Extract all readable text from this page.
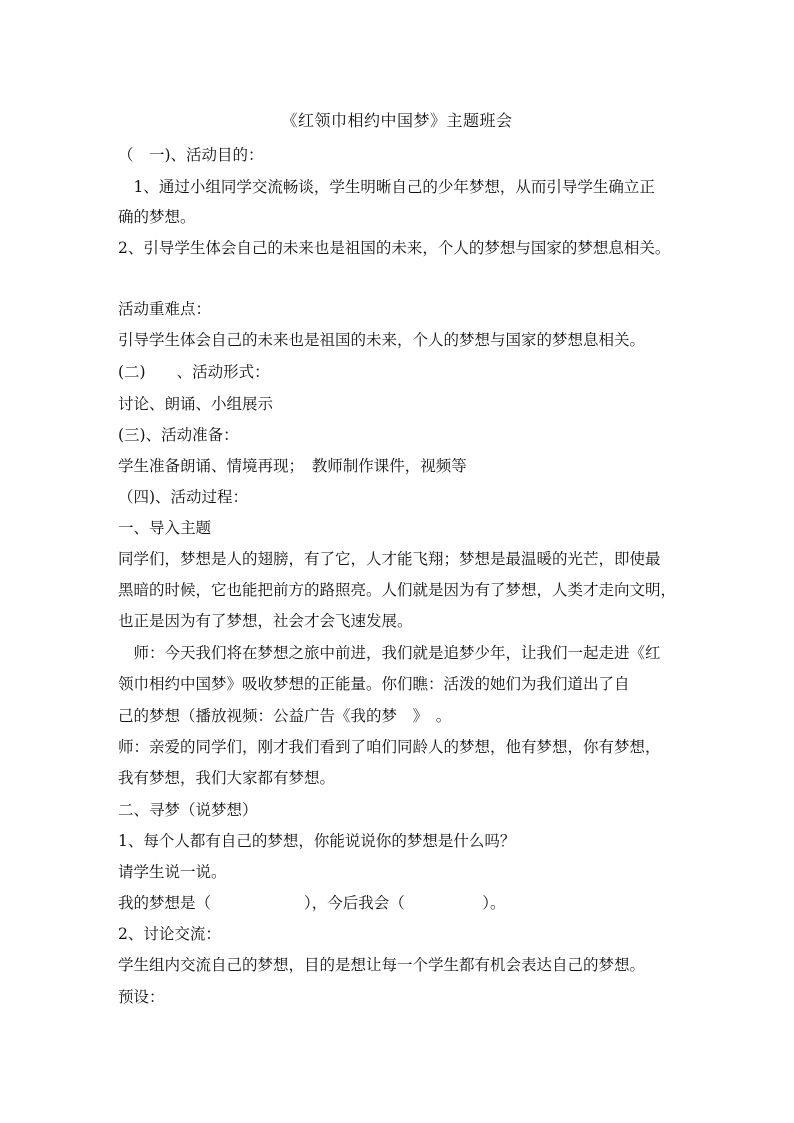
《红领巾相约中国梦》主题班会
（　一)、活动目的：
　1、通过小组同学交流畅谈，学生明晰自己的少年梦想，从而引导学生确立正
确的梦想。
2、引导学生体会自己的未来也是祖国的未来，个人的梦想与国家的梦想息相关。
活动重难点：
引导学生体会自己的未来也是祖国的未来，个人的梦想与国家的梦想息相关。
(二)　　、活动形式：
讨论、朗诵、小组展示
(三)、活动准备：
学生准备朗诵、情境再现；　教师制作课件，视频等
（四)、活动过程：
一、导入主题
同学们，梦想是人的翅膀，有了它，人才能飞翔；梦想是最温暖的光芒，即使最
黑暗的时候，它也能把前方的路照亮。人们就是因为有了梦想，人类才走向文明，
也正是因为有了梦想，社会才会飞速发展。
　师：今天我们将在梦想之旅中前进，我们就是追梦少年，让我们一起走进《红
领巾相约中国梦》吸收梦想的正能量。你们瞧：活泼的她们为我们道出了自
己的梦想（播放视频：公益广告《我的梦　》　。
师：亲爱的同学们，刚才我们看到了咱们同龄人的梦想，他有梦想，你有梦想，
我有梦想，我们大家都有梦想。
二、寻梦（说梦想）
1、每个人都有自己的梦想，你能说说你的梦想是什么吗？
请学生说一说。
我的梦想是（　　　　　　），今后我会（　　　　　）。
2、讨论交流：
学生组内交流自己的梦想，目的是想让每一个学生都有机会表达自己的梦想。
预设：
